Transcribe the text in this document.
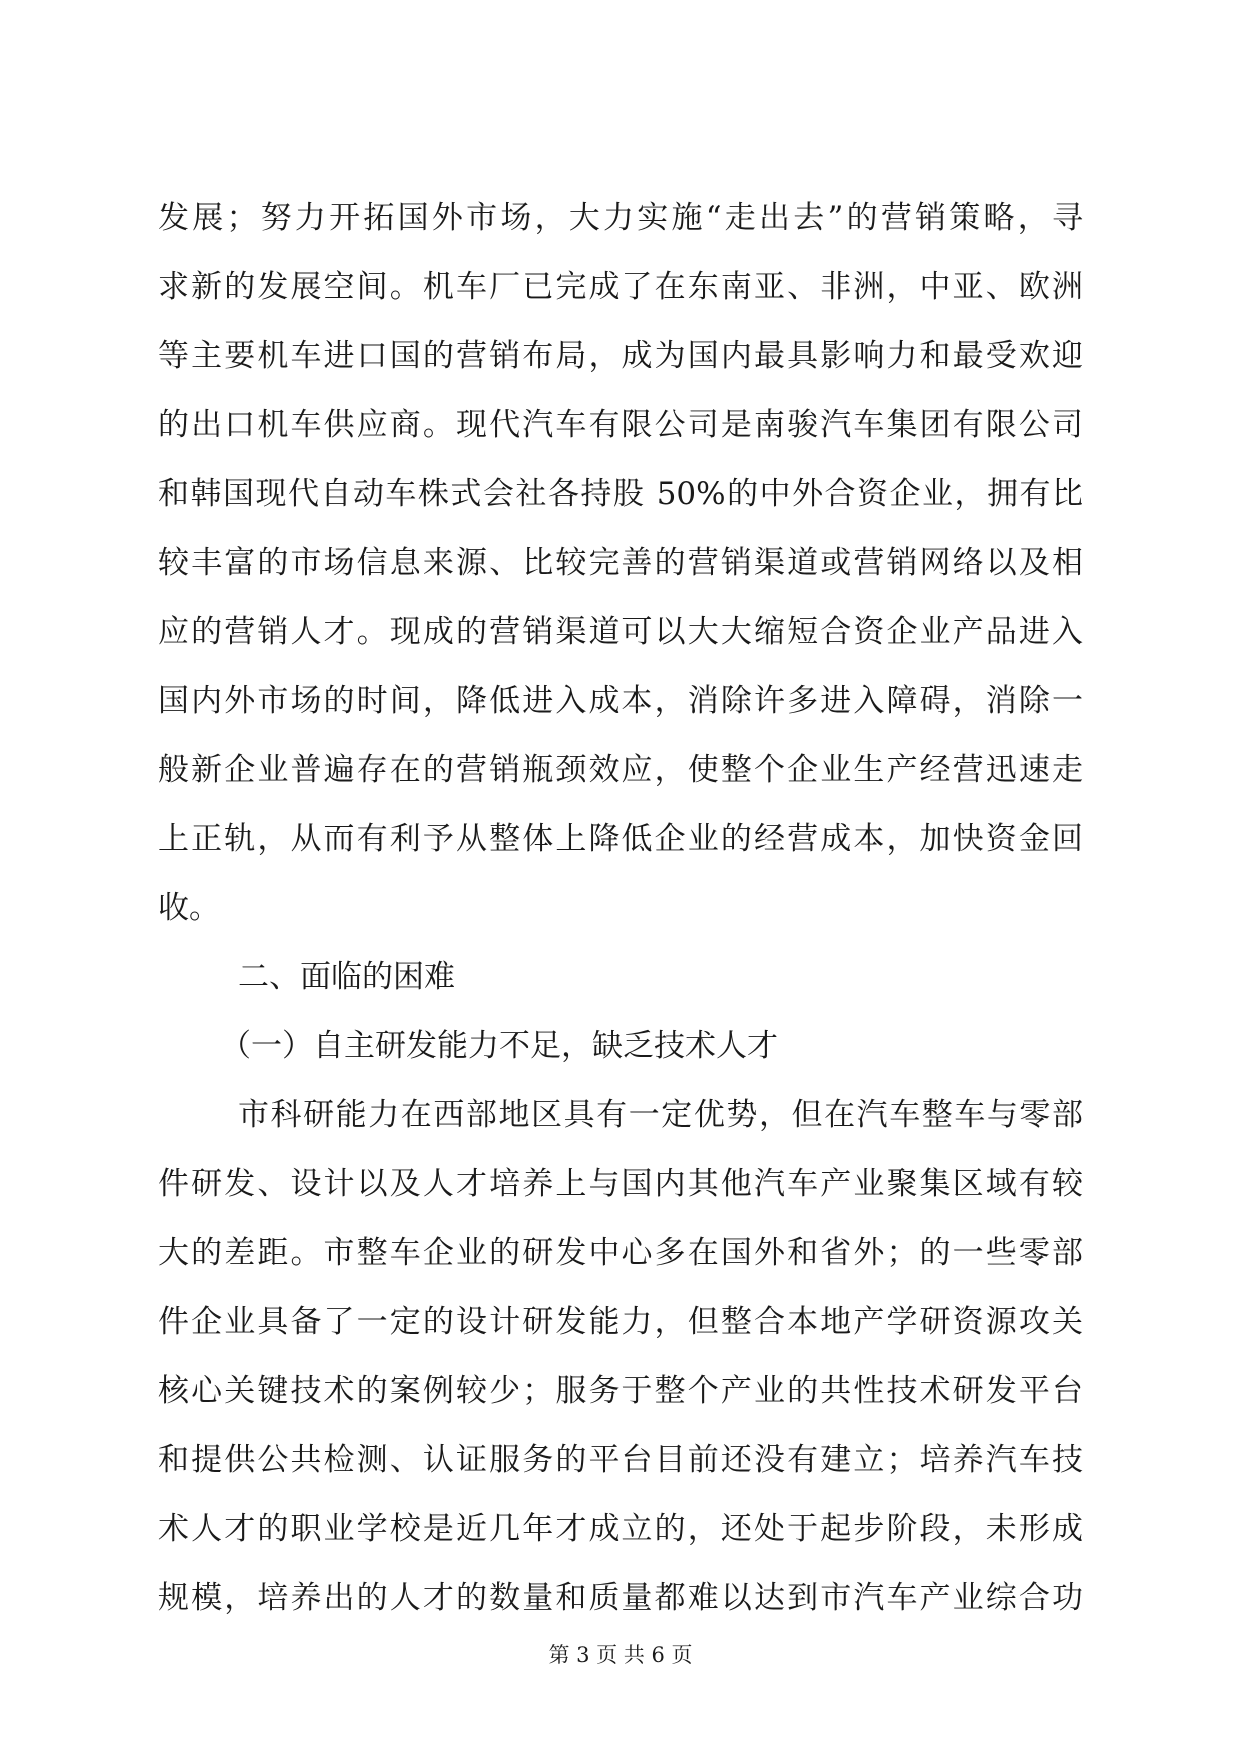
发展；努力开拓国外市场，大力实施“走出去”的营销策略，寻
求新的发展空间。机车厂已完成了在东南亚、非洲，中亚、欧洲
等主要机车进口国的营销布局，成为国内最具影响力和最受欢迎
的出口机车供应商。现代汽车有限公司是南骏汽车集团有限公司
和韩国现代自动车株式会社各持股 50%的中外合资企业，拥有比
较丰富的市场信息来源、比较完善的营销渠道或营销网络以及相
应的营销人才。现成的营销渠道可以大大缩短合资企业产品进入
国内外市场的时间，降低进入成本，消除许多进入障碍，消除一
般新企业普遍存在的营销瓶颈效应，使整个企业生产经营迅速走
上正轨，从而有利予从整体上降低企业的经营成本，加快资金回
收。
二、面临的困难
（一）自主研发能力不足，缺乏技术人才
市科研能力在西部地区具有一定优势，但在汽车整车与零部
件研发、设计以及人才培养上与国内其他汽车产业聚集区域有较
大的差距。市整车企业的研发中心多在国外和省外；的一些零部
件企业具备了一定的设计研发能力，但整合本地产学研资源攻关
核心关键技术的案例较少；服务于整个产业的共性技术研发平台
和提供公共检测、认证服务的平台目前还没有建立；培养汽车技
术人才的职业学校是近几年才成立的，还处于起步阶段，未形成
规模，培养出的人才的数量和质量都难以达到市汽车产业综合功
第 3 页 共 6 页
